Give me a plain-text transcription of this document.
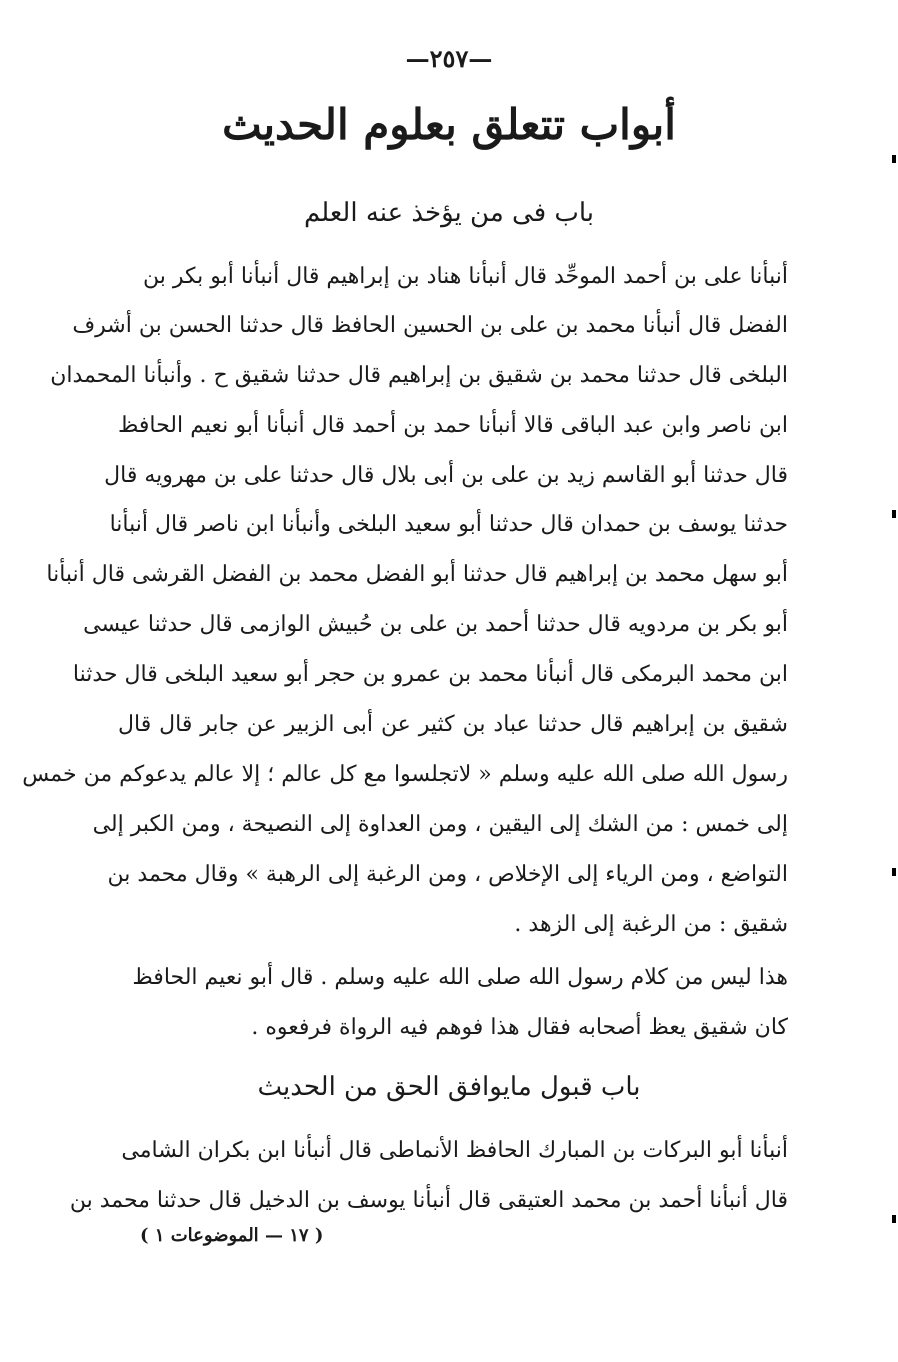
—٢٥٧—
أبواب تتعلق بعلوم الحديث
باب فى من يؤخذ عنه العلم
أنبأنا على بن أحمد الموحِّد قال أنبأنا هناد بن إبراهيم قال أنبأنا أبو بكر بن
الفضل قال أنبأنا محمد بن على بن الحسين الحافظ قال حدثنا الحسن بن أشرف
البلخى قال حدثنا محمد بن شقيق بن إبراهيم قال حدثنا شقيق ح . وأنبأنا المحمدان
ابن ناصر وابن عبد الباقى قالا أنبأنا حمد بن أحمد قال أنبأنا أبو نعيم الحافظ
قال حدثنا أبو القاسم زيد بن على بن أبى بلال قال حدثنا على بن مهرويه قال
حدثنا يوسف بن حمدان قال حدثنا أبو سعيد البلخى وأنبأنا ابن ناصر قال أنبأنا
أبو سهل محمد بن إبراهيم قال حدثنا أبو الفضل محمد بن الفضل القرشى قال أنبأنا
أبو بكر بن مردويه قال حدثنا أحمد بن على بن حُبيش الوازمى قال حدثنا عيسى
ابن محمد البرمكى قال أنبأنا محمد بن عمرو بن حجر أبو سعيد البلخى قال حدثنا
شقيق بن إبراهيم قال حدثنا عباد بن كثير عن أبى الزبير عن جابر قال قال
رسول الله صلى الله عليه وسلم « لاتجلسوا مع كل عالم ؛ إلا عالم يدعوكم من خمس
إلى خمس : من الشك إلى اليقين ، ومن العداوة إلى النصيحة ، ومن الكبر إلى
التواضع ، ومن الرياء إلى الإخلاص ، ومن الرغبة إلى الرهبة » وقال محمد بن
شقيق : من الرغبة إلى الزهد .
هذا ليس من كلام رسول الله صلى الله عليه وسلم . قال أبو نعيم الحافظ
كان شقيق يعظ أصحابه فقال هذا فوهم فيه الرواة فرفعوه .
باب قبول مايوافق الحق من الحديث
أنبأنا أبو البركات بن المبارك الحافظ الأنماطى قال أنبأنا ابن بكران الشامى
قال أنبأنا أحمد بن محمد العتيقى قال أنبأنا يوسف بن الدخيل قال حدثنا محمد بن
( ١٧ — الموضوعات ١ )
